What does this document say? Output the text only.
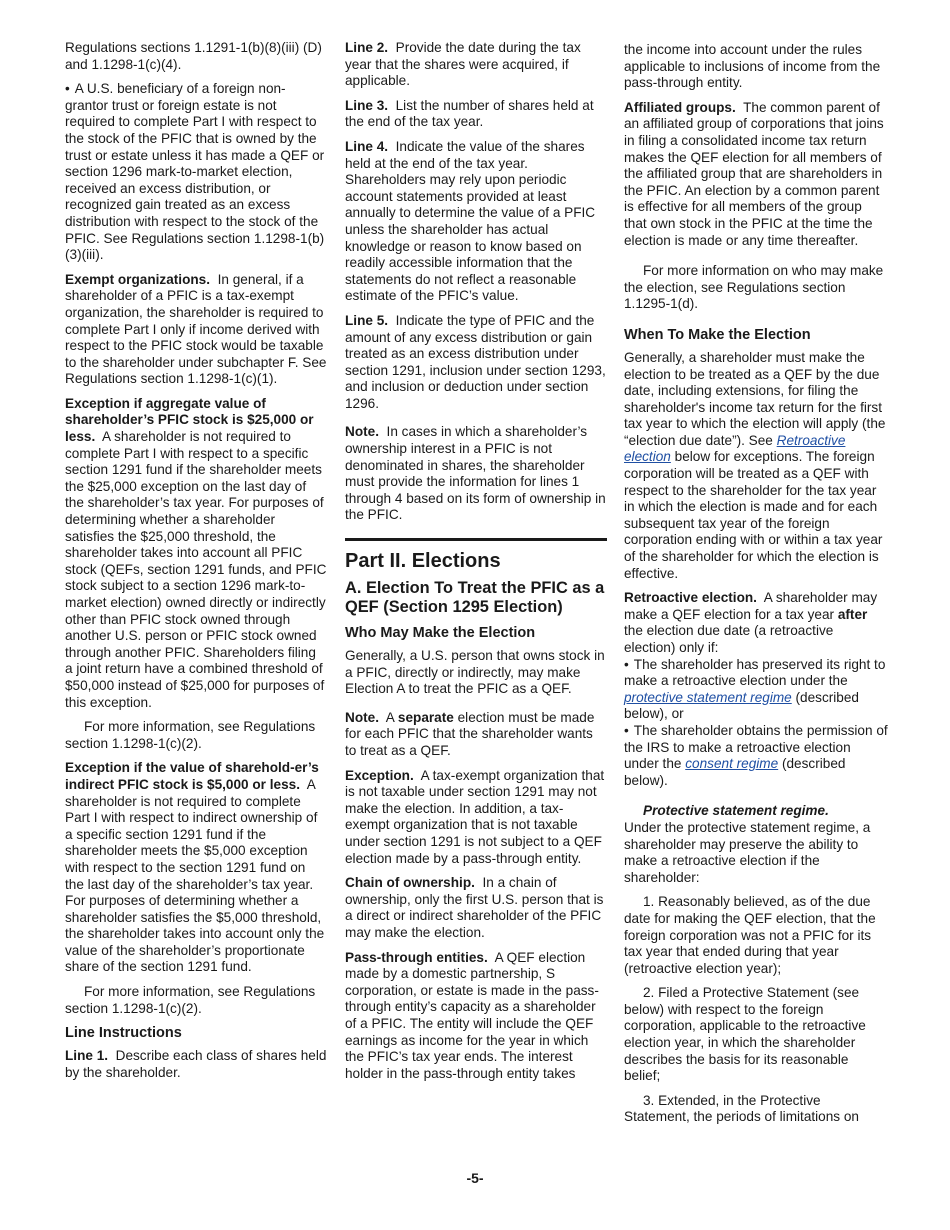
Regulations sections 1.1291-1(b)(8)(iii) (D) and 1.1298-1(c)(4).

• A U.S. beneficiary of a foreign non-grantor trust or foreign estate is not required to complete Part I with respect to the stock of the PFIC that is owned by the trust or estate unless it has made a QEF or section 1296 mark-to-market election, received an excess distribution, or recognized gain treated as an excess distribution with respect to the stock of the PFIC. See Regulations section 1.1298-1(b)(3)(iii).

Exempt organizations. In general, if a shareholder of a PFIC is a tax-exempt organization, the shareholder is required to complete Part I only if income derived with respect to the PFIC stock would be taxable to the shareholder under subchapter F. See Regulations section 1.1298-1(c)(1).

Exception if aggregate value of shareholder’s PFIC stock is $25,000 or less. A shareholder is not required to complete Part I with respect to a specific section 1291 fund if the shareholder meets the $25,000 exception on the last day of the shareholder’s tax year. For purposes of determining whether a shareholder satisfies the $25,000 threshold, the shareholder takes into account all PFIC stock (QEFs, section 1291 funds, and PFIC stock subject to a section 1296 mark-to-market election) owned directly or indirectly other than PFIC stock owned through another U.S. person or PFIC stock owned through another PFIC. Shareholders filing a joint return have a combined threshold of $50,000 instead of $25,000 for purposes of this exception.

For more information, see Regulations section 1.1298-1(c)(2).

Exception if the value of sharehold-er’s indirect PFIC stock is $5,000 or less. A shareholder is not required to complete Part I with respect to indirect ownership of a specific section 1291 fund if the shareholder meets the $5,000 exception with respect to the section 1291 fund on the last day of the shareholder’s tax year. For purposes of determining whether a shareholder satisfies the $5,000 threshold, the shareholder takes into account only the value of the shareholder’s proportionate share of the section 1291 fund.

For more information, see Regulations section 1.1298-1(c)(2).

Line Instructions

Line 1. Describe each class of shares held by the shareholder.

Line 2. Provide the date during the tax year that the shares were acquired, if applicable.

Line 3. List the number of shares held at the end of the tax year.

Line 4. Indicate the value of the shares held at the end of the tax year. Shareholders may rely upon periodic account statements provided at least annually to determine the value of a PFIC unless the shareholder has actual knowledge or reason to know based on readily accessible information that the statements do not reflect a reasonable estimate of the PFIC’s value.

Line 5. Indicate the type of PFIC and the amount of any excess distribution or gain treated as an excess distribution under section 1291, inclusion under section 1293, and inclusion or deduction under section 1296.

Note. In cases in which a shareholder’s ownership interest in a PFIC is not denominated in shares, the shareholder must provide the information for lines 1 through 4 based on its form of ownership in the PFIC.

Part II. Elections
A. Election To Treat the PFIC as a QEF (Section 1295 Election)
Who May Make the Election

Generally, a U.S. person that owns stock in a PFIC, directly or indirectly, may make Election A to treat the PFIC as a QEF.

Note. A separate election must be made for each PFIC that the shareholder wants to treat as a QEF.

Exception. A tax-exempt organization that is not taxable under section 1291 may not make the election. In addition, a tax-exempt organization that is not taxable under section 1291 is not subject to a QEF election made by a pass-through entity.

Chain of ownership. In a chain of ownership, only the first U.S. person that is a direct or indirect shareholder of the PFIC may make the election.

Pass-through entities. A QEF election made by a domestic partnership, S corporation, or estate is made in the pass-through entity’s capacity as a shareholder of a PFIC. The entity will include the QEF earnings as income for the year in which the PFIC’s tax year ends. The interest holder in the pass-through entity takes

the income into account under the rules applicable to inclusions of income from the pass-through entity.

Affiliated groups. The common parent of an affiliated group of corporations that joins in filing a consolidated income tax return makes the QEF election for all members of the affiliated group that are shareholders in the PFIC. An election by a common parent is effective for all members of the group that own stock in the PFIC at the time the election is made or any time thereafter.

For more information on who may make the election, see Regulations section 1.1295-1(d).

When To Make the Election

Generally, a shareholder must make the election to be treated as a QEF by the due date, including extensions, for filing the shareholder's income tax return for the first tax year to which the election will apply (the “election due date”). See Retroactive election below for exceptions. The foreign corporation will be treated as a QEF with respect to the shareholder for the tax year in which the election is made and for each subsequent tax year of the foreign corporation ending with or within a tax year of the shareholder for which the election is effective.

Retroactive election. A shareholder may make a QEF election for a tax year after the election due date (a retroactive election) only if:

• The shareholder has preserved its right to make a retroactive election under the protective statement regime (described below), or

• The shareholder obtains the permission of the IRS to make a retroactive election under the consent regime (described below).

Protective statement regime.
Under the protective statement regime, a shareholder may preserve the ability to make a retroactive election if the shareholder:

1. Reasonably believed, as of the due date for making the QEF election, that the foreign corporation was not a PFIC for its tax year that ended during that year (retroactive election year);

2. Filed a Protective Statement (see below) with respect to the foreign corporation, applicable to the retroactive election year, in which the shareholder describes the basis for its reasonable belief;

3. Extended, in the Protective Statement, the periods of limitations on

-5-
